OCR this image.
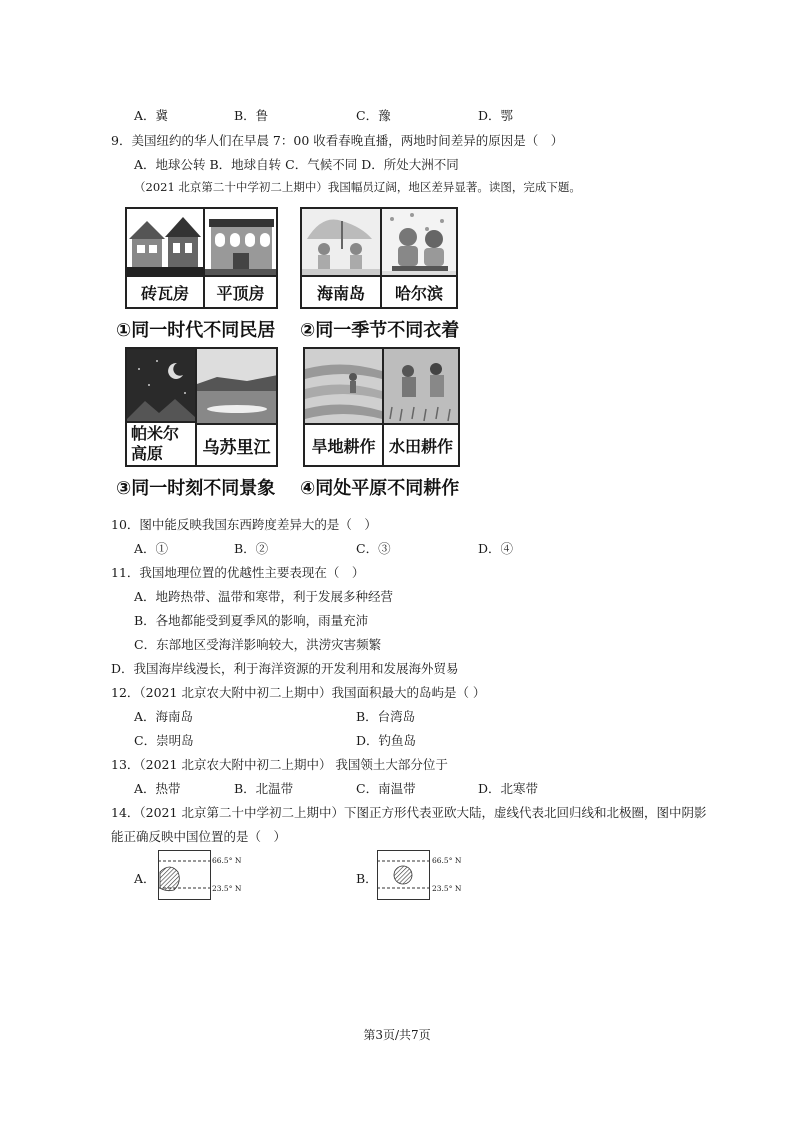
A．冀	B．鲁	C．豫	D．鄂
9．美国纽约的华人们在早晨 7：00 收看春晚直播，两地时间差异的原因是（　）
A．地球公转 B．地球自转 C．气候不同 D．所处大洲不同
（2021 北京第二十中学初二上期中）我国幅员辽阔，地区差异显著。读图，完成下题。
砖瓦房	平顶房
①同一时代不同民居
海南岛	哈尔滨
②同一季节不同衣着
帕米尔高原	乌苏里江
③同一时刻不同景象
旱地耕作 水田耕作
④同处平原不同耕作
10．图中能反映我国东西跨度差异大的是（　）
A．①	B．②	C．③	D．④
11．我国地理位置的优越性主要表现在（　）
A．地跨热带、温带和寒带，利于发展多种经营
B．各地都能受到夏季风的影响，雨量充沛
C．东部地区受海洋影响较大，洪涝灾害频繁
D．我国海岸线漫长，利于海洋资源的开发利用和发展海外贸易
12．（2021 北京农大附中初二上期中）我国面积最大的岛屿是（ ）
A．海南岛	B．台湾岛
C．崇明岛	D．钓鱼岛
13．（2021 北京农大附中初二上期中） 我国领土大部分位于
A．热带	B．北温带	C．南温带	D．北寒带
14．（2021 北京第二十中学初二上期中）下图正方形代表亚欧大陆，虚线代表北回归线和北极圈，图中阴影
能正确反映中国位置的是（　）
A．
66.5° N
23.5° N
B．
66.5° N
23.5° N
第3页/共7页
